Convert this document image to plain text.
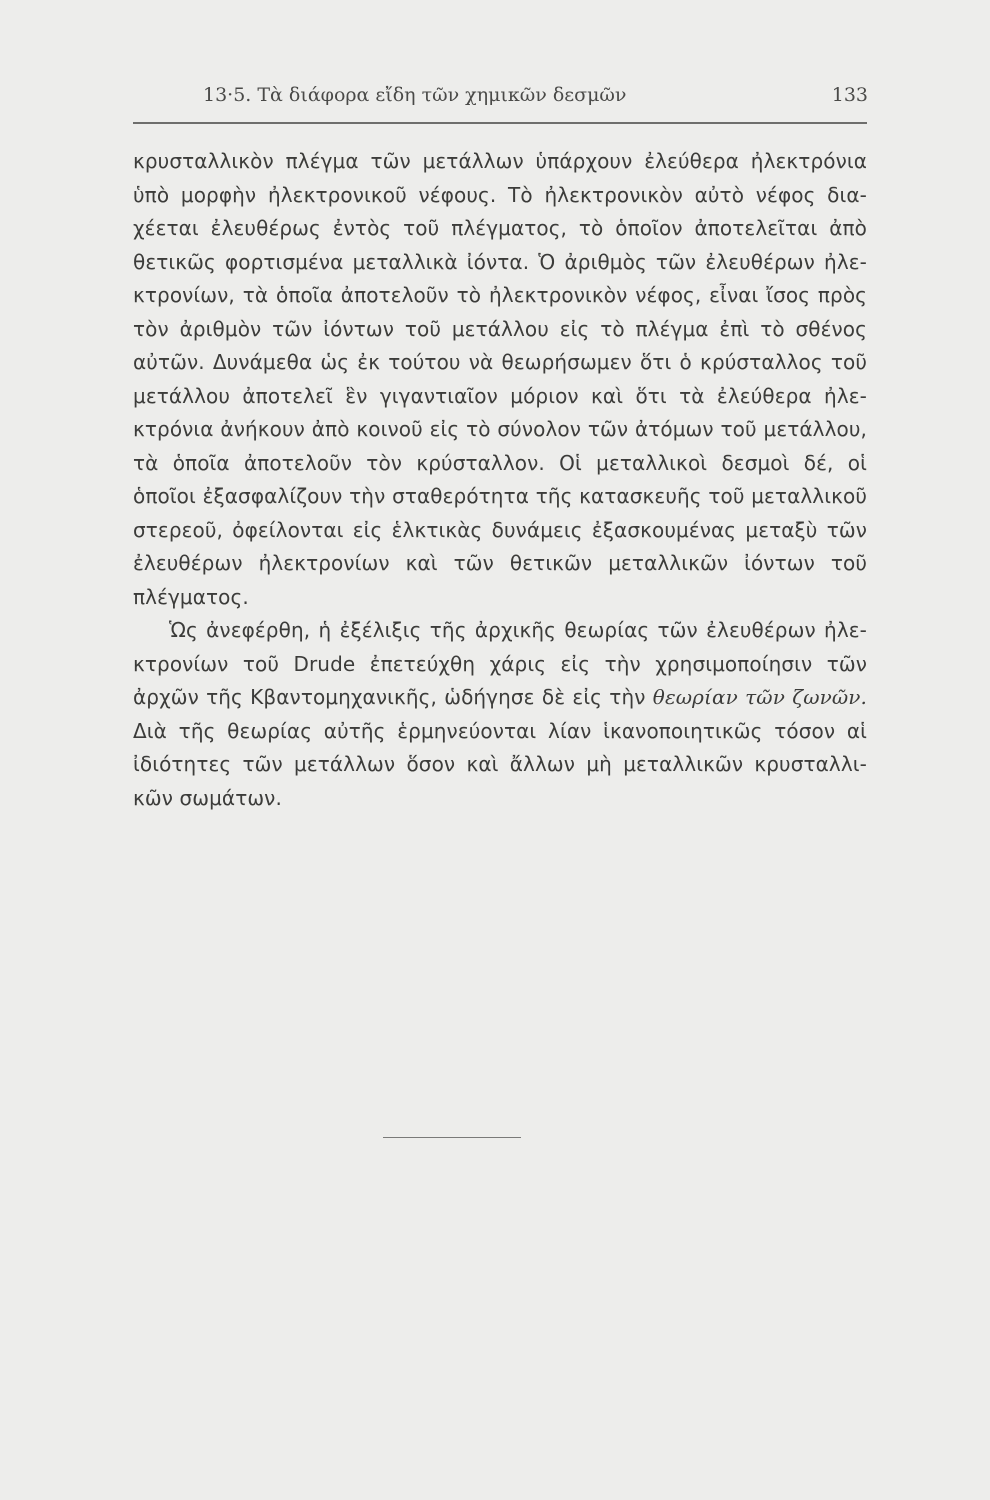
13·5. Τὰ διάφορα εἴδη τῶν χημικῶν δεσμῶν	133
κρυσταλλικὸν πλέγμα τῶν μετάλλων ὑπάρχουν ἐλεύθερα ἠλεκτρόνια
ὑπὸ μορφὴν ἠλεκτρονικοῦ νέφους. Τὸ ἠλεκτρονικὸν αὐτὸ νέφος δια-
χέεται ἐλευθέρως ἐντὸς τοῦ πλέγματος, τὸ ὁποῖον ἀποτελεῖται ἀπὸ
θετικῶς φορτισμένα μεταλλικὰ ἰόντα. Ὁ ἀριθμὸς τῶν ἐλευθέρων ἠλε-
κτρονίων, τὰ ὁποῖα ἀποτελοῦν τὸ ἠλεκτρονικὸν νέφος, εἶναι ἴσος πρὸς
τὸν ἀριθμὸν τῶν ἰόντων τοῦ μετάλλου εἰς τὸ πλέγμα ἐπὶ τὸ σθένος
αὐτῶν. Δυνάμεθα ὡς ἐκ τούτου νὰ θεωρήσωμεν ὅτι ὁ κρύσταλλος τοῦ
μετάλλου ἀποτελεῖ ἓν γιγαντιαῖον μόριον καὶ ὅτι τὰ ἐλεύθερα ἠλε-
κτρόνια ἀνήκουν ἀπὸ κοινοῦ εἰς τὸ σύνολον τῶν ἀτόμων τοῦ μετάλλου,
τὰ ὁποῖα ἀποτελοῦν τὸν κρύσταλλον. Οἱ μεταλλικοὶ δεσμοὶ δέ, οἱ
ὁποῖοι ἐξασφαλίζουν τὴν σταθερότητα τῆς κατασκευῆς τοῦ μεταλλικοῦ
στερεοῦ, ὀφείλονται εἰς ἑλκτικὰς δυνάμεις ἐξασκουμένας μεταξὺ τῶν
ἐλευθέρων ἠλεκτρονίων καὶ τῶν θετικῶν μεταλλικῶν ἰόντων τοῦ
πλέγματος.
Ὡς ἀνεφέρθη, ἡ ἐξέλιξις τῆς ἀρχικῆς θεωρίας τῶν ἐλευθέρων ἠλε-
κτρονίων τοῦ Drude ἐπετεύχθη χάρις εἰς τὴν χρησιμοποίησιν τῶν
ἀρχῶν τῆς Κβαντομηχανικῆς, ὡδήγησε δὲ εἰς τὴν θεωρίαν τῶν ζωνῶν.
Διὰ τῆς θεωρίας αὐτῆς ἑρμηνεύονται λίαν ἱκανοποιητικῶς τόσον αἱ
ἰδιότητες τῶν μετάλλων ὅσον καὶ ἄλλων μὴ μεταλλικῶν κρυσταλλι-
κῶν σωμάτων.
